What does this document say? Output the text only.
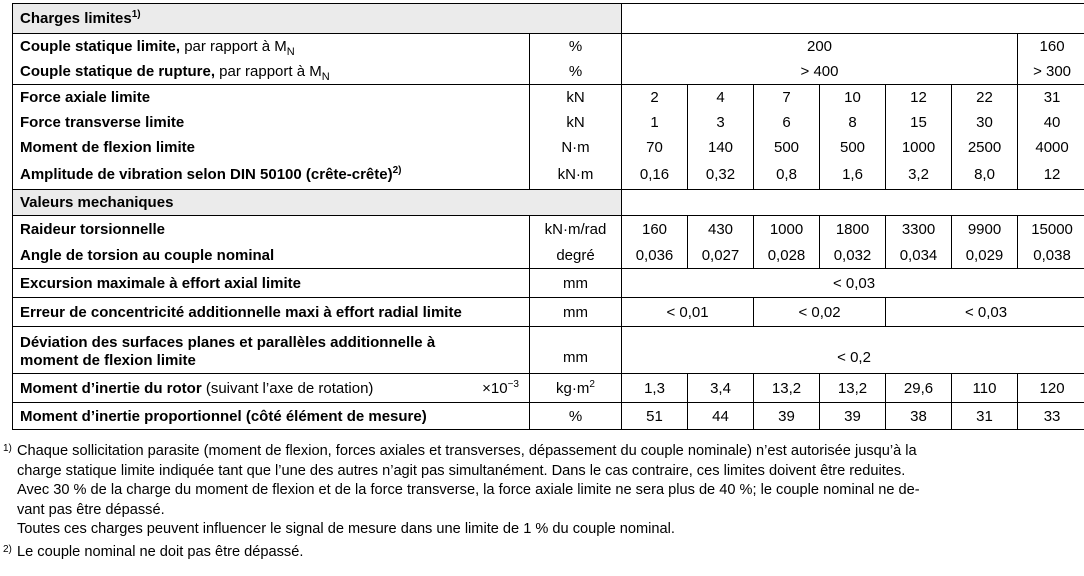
Charges limites$^{1)}$	
Couple statique limite, par rapport à $M_N$	%	200						160
Couple statique de rupture, par rapport à $M_N$	%	> 400						> 300
Force axiale limite	kN	2	4	7	10	12	22	31
Force transverse limite	kN	1	3	6	8	15	30	40
Moment de flexion limite	N·m	70	140	500	500	1000	2500	4000
Amplitude de vibration selon DIN 50100 (crête-crête)$^{2)}$	kN·m	0,16	0,32	0,8	1,6	3,2	8,0	12
Valeurs mechaniques								
Raideur torsionnelle	kN·m/rad	160	430	1000	1800	3300	9900	15000
Angle de torsion au couple nominal	degré	0,036	0,027	0,028	0,032	0,034	0,029	0,038
Excursion maximale à effort axial limite	mm	< 0,03						
Erreur de concentricité additionnelle maxi à effort radial limite	mm	< 0,01		< 0,02		< 0,03		
Déviation des surfaces planes et parallèles additionnelle à
moment de flexion limite	mm	< 0,2						
Moment d’inertie du rotor (suivant l’axe de rotation) $\times 10^{-3}$	$kg\cdot m^2$	1,3	3,4	13,2	13,2	29,6	110	120
Moment d’inertie proportionnel (côté élément de mesure)	%	51	44	39	39	38	31	33
1) Chaque sollicitation parasite (moment de flexion, forces axiales et transverses, dépassement du couple nominale) n’est autorisée jusqu’à la
charge statique limite indiquée tant que l’une des autres n’agit pas simultanément. Dans le cas contraire, ces limites doivent être reduites.
Avec 30 % de la charge du moment de flexion et de la force transverse, la force axiale limite ne sera plus de 40 %; le couple nominal ne de-
vant pas être dépassé.
Toutes ces charges peuvent influencer le signal de mesure dans une limite de 1 % du couple nominal.
2) Le couple nominal ne doit pas être dépassé.
